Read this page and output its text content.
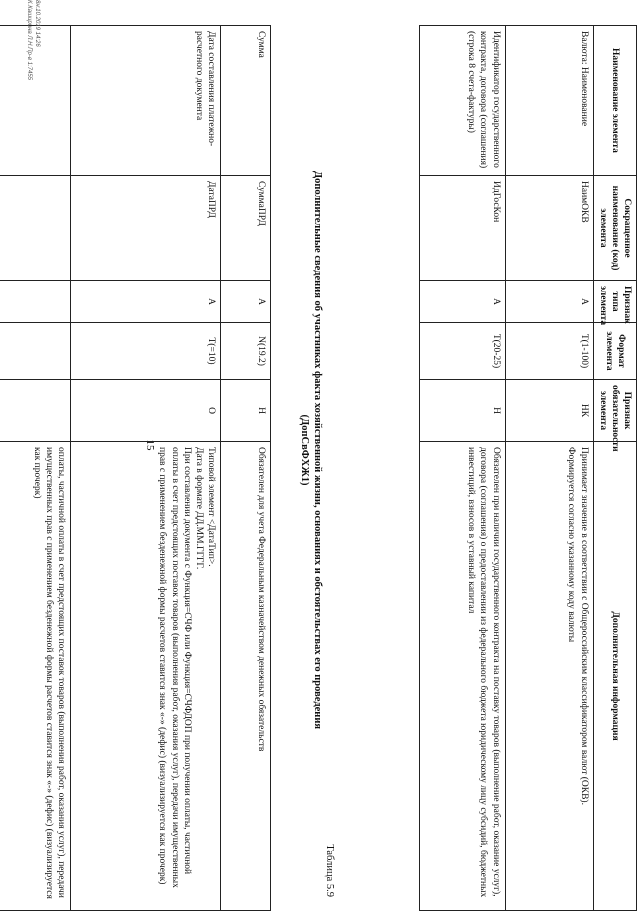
15
Наименование элемента	Сокращенное наименование (код) элемента	Признак типа элемента	Формат элемента	Признак обязательности элемента	Дополнительная информация
Валюта: Наименование	НаимОКВ	А	Т(1-100)	НК	Принимает значение в соответствии с Общероссийским классификатором валют (ОКВ).
Формируется согласно указанному коду валюты

Идентификатор государственного контракта, договора (соглашения) (строка 8 счета-фактуры)	ИдГосКон	А	Т(20-25)	Н	Обязателен при наличии государственного контракта на поставку товаров (выполнение работ, оказание услуг), договора (соглашения) о предоставлении из федерального бюджета юридическому лицу субсидий, бюджетных инвестиций, взносов в уставный капитал
Дополнительные сведения об участниках факта хозяйственной жизни, основаниях и обстоятельствах его проведения
(ДопСвФХЖ1)
Таблица 5.9
Сумма	СуммаПРД	А	N(19.2)	Н	Обязателен для учета Федеральным казначейством денежных обязательств
Дата составления платежно-расчетного документа	ДатаПРД	А	Т(=10)	О	Типовой элемент <ДатаТип>.
Дата в формате ДД.ММ.ГГГГ.
При составлении документа с Функция=СЧФ или Функция=СЧФДОП при получении оплаты, частичной оплаты в счет предстоящих поставок товаров (выполнения работ, оказания услуг), передачи имущественных прав с применением безденежной формы расчетов ставится знак «-» (дефис) (визуализируется как прочерк)

					оплаты, частичной оплаты в счет предстоящих поставок товаров (выполнения работ, оказания услуг), передачи имущественных прав с применением безденежной формы расчетов ставится знак «-» (дефис) (визуализируется как прочерк)
8н:10.2019 14:26
К.Каширина Л.Н.Пр-в 1:7455
